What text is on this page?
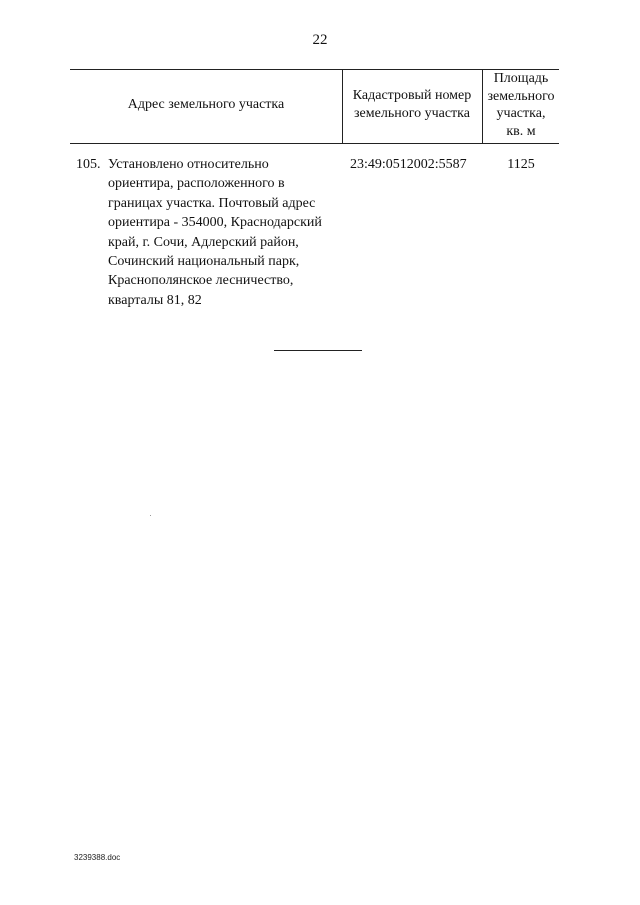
22
Адрес земельного участка
Кадастровый номер
земельного участка
Площадь
земельного
участка,
кв. м
105. Установлено относительно
ориентира, расположенного в
границах участка. Почтовый адрес
ориентира - 354000, Краснодарский
край, г. Сочи, Адлерский район,
Сочинский национальный парк,
Краснополянское лесничество,
кварталы 81, 82
23:49:0512002:5587	1125
3239388.doc
